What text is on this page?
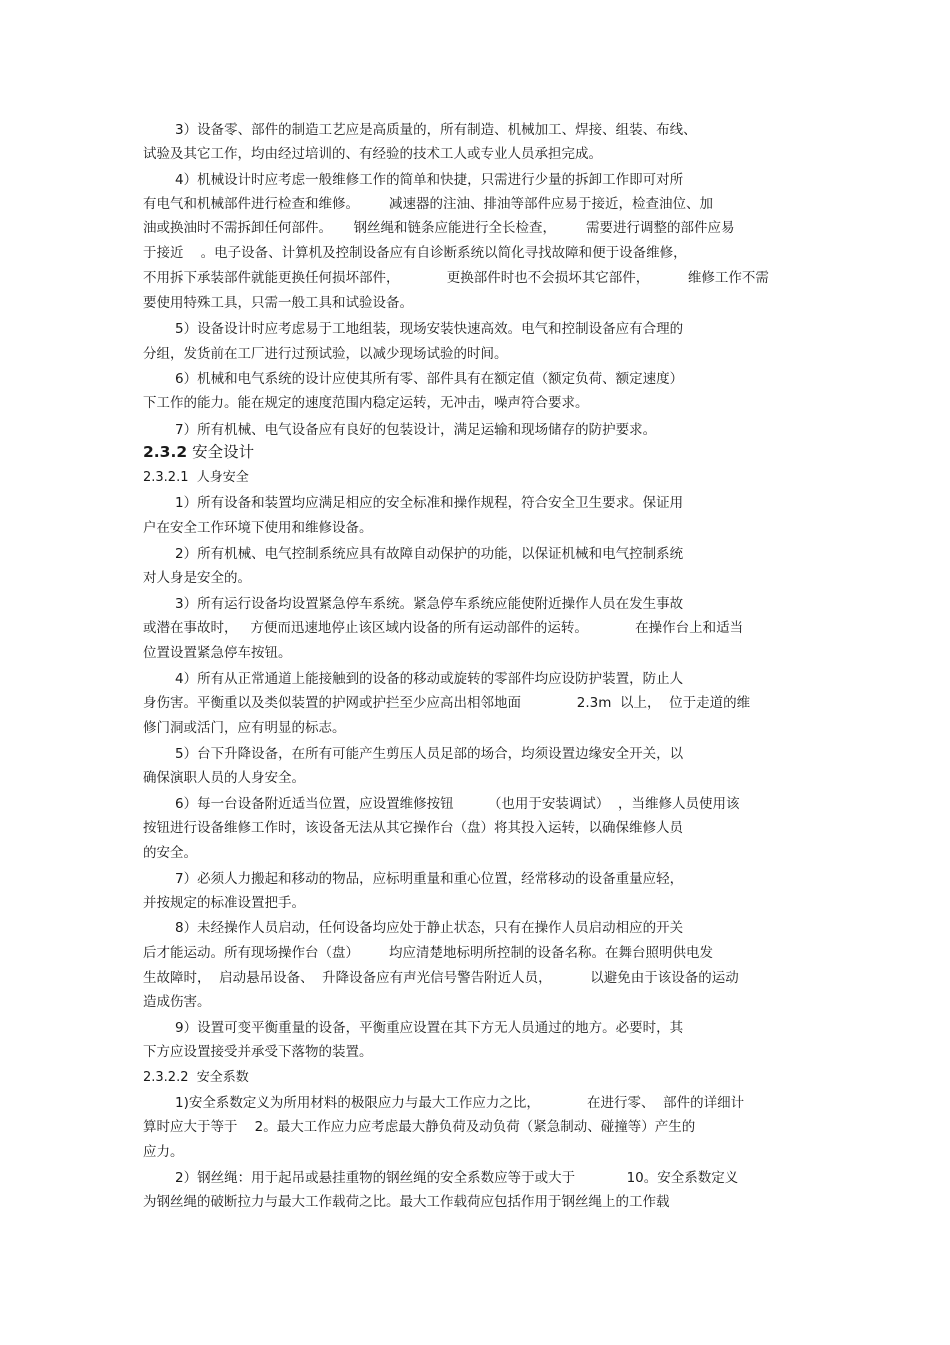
3）设备零、部件的制造工艺应是高质量的，所有制造、机械加工、焊接、组装、布线、
试验及其它工作，均由经过培训的、有经验的技术工人或专业人员承担完成。
4）机械设计时应考虑一般维修工作的简单和快捷，只需进行少量的拆卸工作即可对所
有电气和机械部件进行检查和维修。       减速器的注油、排油等部件应易于接近，检查油位、加
油或换油时不需拆卸任何部件。     钢丝绳和链条应能进行全长检查，       需要进行调整的部件应易
于接近    。电子设备、计算机及控制设备应有自诊断系统以简化寻找故障和便于设备维修，
不用拆下承装部件就能更换任何损坏部件，           更换部件时也不会损坏其它部件，         维修工作不需
要使用特殊工具，只需一般工具和试验设备。
5）设备设计时应考虑易于工地组装，现场安装快速高效。电气和控制设备应有合理的
分组，发货前在工厂进行过预试验，以减少现场试验的时间。
6）机械和电气系统的设计应使其所有零、部件具有在额定值（额定负荷、额定速度）
下工作的能力。能在规定的速度范围内稳定运转，无冲击，噪声符合要求。
7）所有机械、电气设备应有良好的包装设计，满足运输和现场储存的防护要求。
2.3.2 安全设计
2.3.2.1  人身安全
1）所有设备和装置均应满足相应的安全标准和操作规程，符合安全卫生要求。保证用
户在安全工作环境下使用和维修设备。
2）所有机械、电气控制系统应具有故障自动保护的功能，以保证机械和电气控制系统
对人身是安全的。
3）所有运行设备均设置紧急停车系统。紧急停车系统应能使附近操作人员在发生事故
或潜在事故时，   方便而迅速地停止该区域内设备的所有运动部件的运转。           在操作台上和适当
位置设置紧急停车按钮。
4）所有从正常通道上能接触到的设备的移动或旋转的零部件均应设防护装置，防止人
身伤害。平衡重以及类似装置的护网或护拦至少应高出相邻地面             2.3m  以上，  位于走道的维
修门洞或活门，应有明显的标志。
5）台下升降设备，在所有可能产生剪压人员足部的场合，均须设置边缘安全开关，以
确保演职人员的人身安全。
6）每一台设备附近适当位置，应设置维修按钮        （也用于安装调试）  ，当维修人员使用该
按钮进行设备维修工作时，该设备无法从其它操作台（盘）将其投入运转，以确保维修人员
的安全。
7）必须人力搬起和移动的物品，应标明重量和重心位置，经常移动的设备重量应轻，
并按规定的标准设置把手。
8）未经操作人员启动，任何设备均应处于静止状态，只有在操作人员启动相应的开关
后才能运动。所有现场操作台（盘）       均应清楚地标明所控制的设备名称。在舞台照明供电发
生故障时，  启动悬吊设备、  升降设备应有声光信号警告附近人员，         以避免由于该设备的运动
造成伤害。
9）设置可变平衡重量的设备，平衡重应设置在其下方无人员通过的地方。必要时，其
下方应设置接受并承受下落物的装置。
2.3.2.2  安全系数
1)安全系数定义为所用材料的极限应力与最大工作应力之比，           在进行零、  部件的详细计
算时应大于等于    2。最大工作应力应考虑最大静负荷及动负荷（紧急制动、碰撞等）产生的
应力。
2）钢丝绳：用于起吊或悬挂重物的钢丝绳的安全系数应等于或大于            10。安全系数定义
为钢丝绳的破断拉力与最大工作载荷之比。最大工作载荷应包括作用于钢丝绳上的工作载
